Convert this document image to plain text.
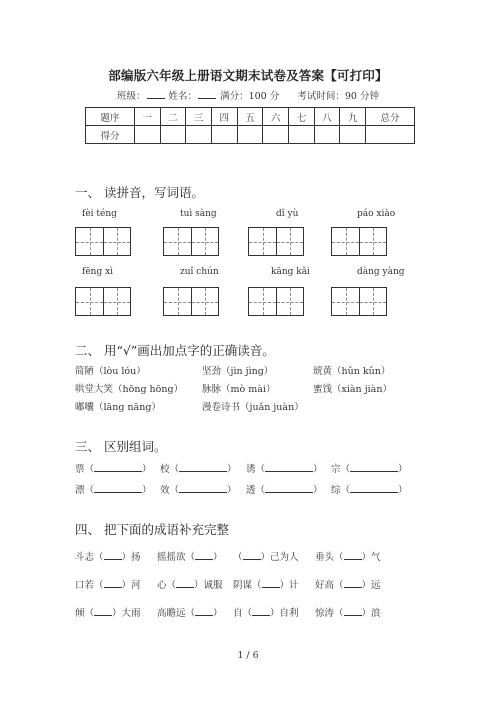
部编版六年级上册语文期末试卷及答案【可打印】
班级： 姓名： 满分：100 分 考试时间：90 分钟
题序	一	二	三	四	五	六	七	八	九	总分
得分										
一、 读拼音，写词语。
fèi téng	tuì sàng	dǐ yù	páo xiào
fēng xì	zuǐ chún	kāng kǎi	dàng yàng
二、 用“√”画出加点字的正确读音。
简陋（lòu lóu）	坚劲（jìn jìng）	琥黄（hǔn kǔn）
哄堂大笑（hōng hōng） 脉脉（mò mài）	蜜饯（xiàn jiàn）
嘟囔（lāng nāng）	漫卷诗书（juǎn juàn）
三、 区别组词。
票（	） 校（	） 诱（	） 宗（	）
漂（	） 效（	） 透（	） 综（	）
四、 把下面的成语补充完整
斗志（ ）扬 摇摇欲（ ） （ ）己为人 垂头（ ）气
口若（ ）河 心（ ）诚服 阴谋（ ）计 好高（ ）远
倾（ ）大雨 高瞻远（ ） 自（ ）自利 惊涛（ ）浪
1 / 6
